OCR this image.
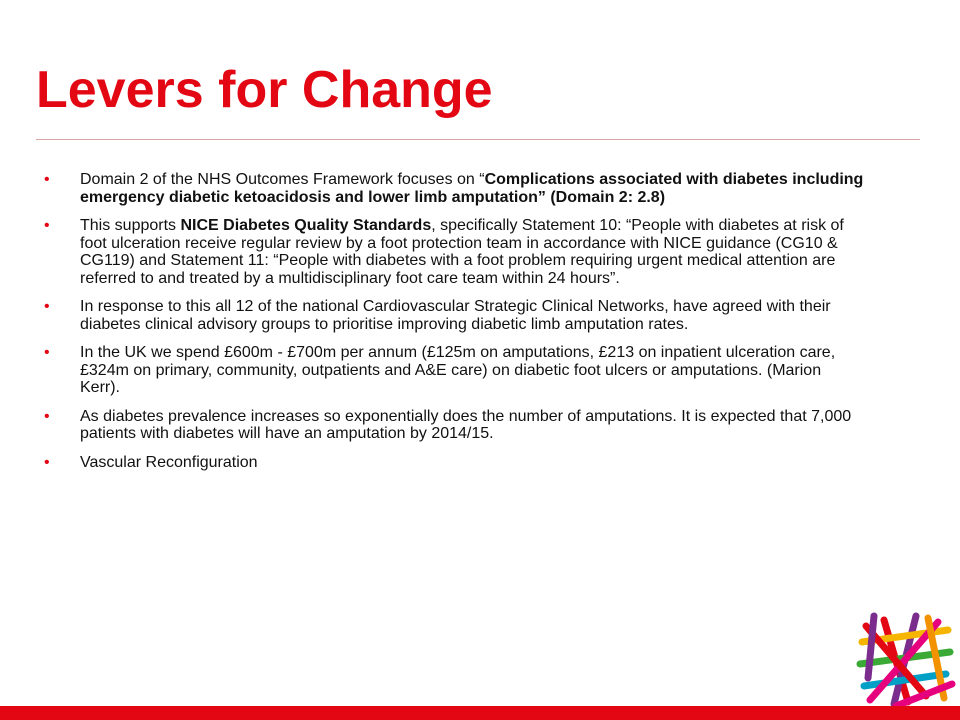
Levers for Change
• Domain 2 of the NHS Outcomes Framework focuses on “Complications associated with diabetes including emergency diabetic ketoacidosis and lower limb amputation” (Domain 2: 2.8)
• This supports NICE Diabetes Quality Standards, specifically Statement 10: “People with diabetes at risk of foot ulceration receive regular review by a foot protection team in accordance with NICE guidance (CG10 & CG119) and Statement 11: “People with diabetes with a foot problem requiring urgent medical attention are referred to and treated by a multidisciplinary foot care team within 24 hours”.
• In response to this all 12 of the national Cardiovascular Strategic Clinical Networks, have agreed with their diabetes clinical advisory groups to prioritise improving diabetic limb amputation rates.
• In the UK we spend £600m - £700m per annum (£125m on amputations, £213 on inpatient ulceration care, £324m on primary, community, outpatients and A&E care) on diabetic foot ulcers or amputations. (Marion Kerr).
• As diabetes prevalence increases so exponentially does the number of amputations. It is expected that 7,000 patients with diabetes will have an amputation by 2014/15.
• Vascular Reconfiguration
